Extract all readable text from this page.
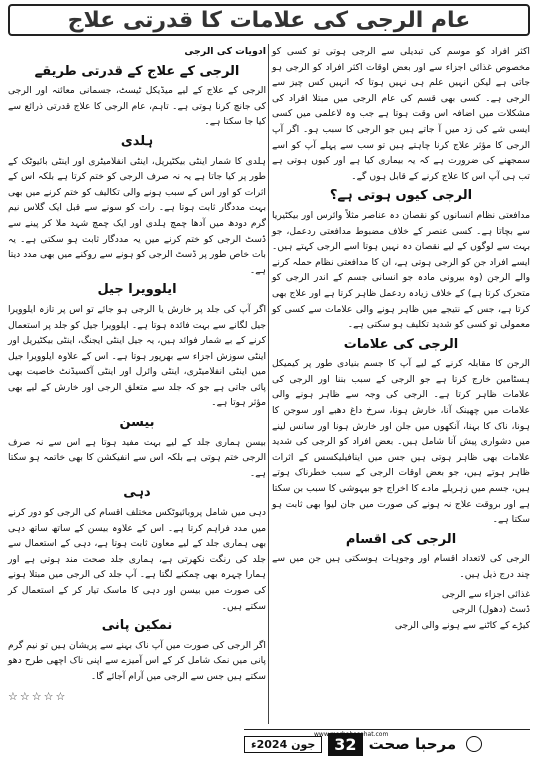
عام الرجی کی علامات کا قدرتی علاج

اکثر افراد کو موسم کی تبدیلی سے الرجی ہوتی تو کسی کو مخصوص غذائی اجزاء سے اور بعض اوقات اکثر افراد کو الرجی ہو جاتی ہے لیکن انہیں علم ہی نہیں ہوتا کہ انہیں کس چیز سے الرجی ہے۔ کسی بھی قسم کی عام الرجی میں مبتلا افراد کی مشکلات میں اضافہ اس وقت ہوتا ہے جب وہ لاعلمی میں کسی ایسی شے کی زد میں آ جاتے ہیں جو الرجی کا سبب ہو۔ اگر آپ الرجی کا مؤثر علاج کرنا چاہتے ہیں تو سب سے پہلے آپ کو اسے سمجھنے کی ضرورت ہے کہ یہ بیماری کیا ہے اور کیوں ہوتی ہے تب ہی آپ اس کا علاج کرنے کے قابل ہوں گے۔

الرجی کیوں ہوتی ہے؟

مدافعتی نظام انسانوں کو نقصان دہ عناصر مثلاً وائرس اور بیکٹیریا سے بچاتا ہے۔ کسی عنصر کے خلاف مضبوط مدافعتی ردعمل، جو بہت سے لوگوں کے لیے نقصان دہ نہیں ہوتا اسے الرجی کہتے ہیں۔ ایسے افراد جن کو الرجی ہوتی ہے، ان کا مدافعتی نظام حملہ کرنے والے الرجن (وہ بیرونی مادہ جو انسانی جسم کے اندر الرجی کو متحرک کرتا ہے) کے خلاف زیادہ ردعمل ظاہر کرتا ہے اور علاج بھی کرتا ہے، جس کے نتیجے میں ظاہر ہونے والی علامات سے کسی کو معمولی تو کسی کو شدید تکلیف ہو سکتی ہے۔

الرجی کی علامات

الرجن کا مقابلہ کرنے کے لیے آپ کا جسم بنیادی طور پر کیمیکل ہسٹامین خارج کرتا ہے جو الرجی کے سبب بننا اور الرجی کی علامات ظاہر کرتا ہے۔ الرجی کی وجہ سے ظاہر ہونے والی علامات میں چھینک آنا، خارش ہونا، سرخ داغ دھبے اور سوجن کا ہونا، ناک کا بہنا، آنکھوں میں جلن اور خارش ہونا اور سانس لینے میں دشواری پیش آنا شامل ہیں۔ بعض افراد کو الرجی کی شدید علامات بھی ظاہر ہوتی ہیں جس میں اینافیلیکسس کے اثرات ظاہر ہوتے ہیں، جو بعض اوقات الرجی کے سبب خطرناک ہوتے ہیں، جسم میں زہریلے مادے کا اخراج جو بیہوشی کا سبب بن سکتا ہے اور بروقت علاج نہ ہونے کی صورت میں جان لیوا بھی ثابت ہو سکتا ہے۔

الرجی کی اقسام

الرجی کی لاتعداد اقسام اور وجوہات ہوسکتی ہیں جن میں سے چند درج ذیل ہیں۔

غذائی اجزاء سے الرجی
ڈسٹ (دھول) الرجی
کیڑے کے کاٹنے سے ہونے والی الرجی

ادویات کی الرجی

الرجی کے علاج کے قدرتی طریقے

الرجی کے علاج کے لیے میڈیکل ٹیسٹ، جسمانی معائنہ اور الرجی کی جانچ کرنا ہوتی ہے۔ تاہم، عام الرجی کا علاج قدرتی ذرائع سے کیا جا سکتا ہے۔

ہلدی

ہلدی کا شمار اینٹی بیکٹیریل، اینٹی انفلامیٹری اور اینٹی بائیوٹک کے طور پر کیا جاتا ہے یہ نہ صرف الرجی کو ختم کرتا ہے بلکہ اس کے اثرات کو اور اس کے سبب ہونے والی تکالیف کو ختم کرنے میں بھی بہت مددگار ثابت ہوتا ہے۔ رات کو سونے سے قبل ایک گلاس نیم گرم دودھ میں آدھا چمچ ہلدی اور ایک چمچ شہد ملا کر پینے سے ڈسٹ الرجی کو ختم کرنے میں یہ مددگار ثابت ہو سکتی ہے۔ یہ بات خاص طور پر ڈسٹ الرجی کو ہونے سے روکنے میں بھی مدد دیتا ہے۔

ایلوویرا جیل

اگر آپ کی جلد پر خارش یا الرجی ہو جائے تو اس پر تازہ ایلوویرا جیل لگانے سے بہت فائدہ ہوتا ہے۔ ایلوویرا جیل کو جلد پر استعمال کرنے کے بے شمار فوائد ہیں، یہ جیل اینٹی ایجنگ، اینٹی بیکٹیریل اور اینٹی سوزش اجزاء سے بھرپور ہوتا ہے۔ اس کے علاوہ ایلوویرا جیل میں اینٹی انفلامیٹری، اینٹی وائرل اور اینٹی آکسیڈنٹ خاصیت بھی پائی جاتی ہے جو کہ جلد سے متعلق الرجی اور خارش کے لیے بھی مؤثر ہوتا ہے۔

بیسن

بیسن ہماری جلد کے لیے بہت مفید ہوتا ہے اس سے نہ صرف الرجی ختم ہوتی ہے بلکہ اس سے انفیکشن کا بھی خاتمہ ہو سکتا ہے۔

دہی

دہی میں شامل پروبائیوٹکس مختلف اقسام کی الرجی کو دور کرنے میں مدد فراہم کرتا ہے۔ اس کے علاوہ بیسن کے ساتھ ساتھ دہی بھی ہماری جلد کے لیے معاون ثابت ہوتا ہے، دہی کے استعمال سے جلد کی رنگت نکھرتی ہے، ہماری جلد صحت مند ہوتی ہے اور ہمارا چہرہ بھی چمکنے لگتا ہے۔ آپ جلد کی الرجی میں مبتلا ہونے کی صورت میں بیسن اور دہی کا ماسک تیار کر کے استعمال کر سکتے ہیں۔

نمکین پانی

اگر الرجی کی صورت میں آپ ناک بہنے سے پریشان ہیں تو نیم گرم پانی میں نمک شامل کر کے اس آمیزے سے اپنی ناک اچھی طرح دھو سکتے ہیں جس سے الرجی میں آرام آجائے گا۔

☆☆☆☆☆
جون 2024ء	32
www.marhabasehat.com
مرحبا صحت
